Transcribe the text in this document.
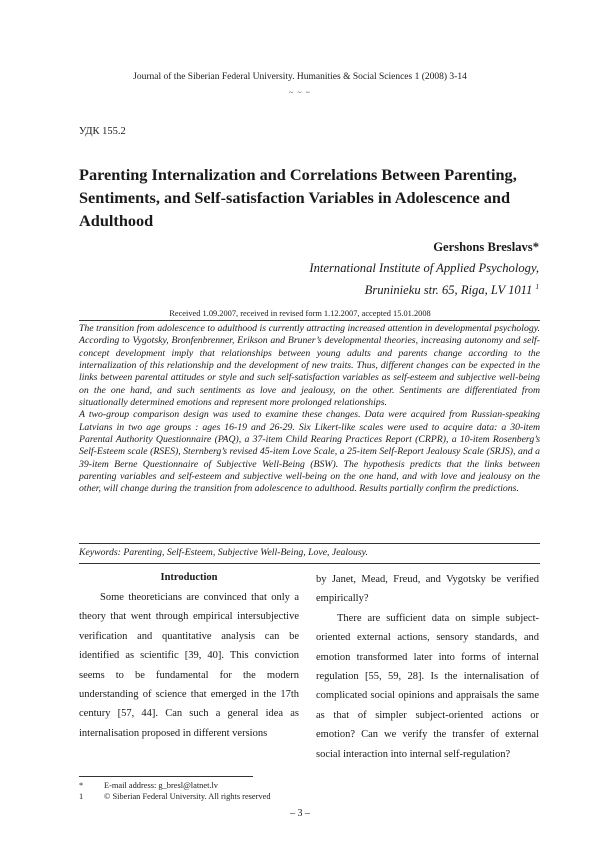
Journal of the Siberian Federal University. Humanities & Social Sciences 1 (2008) 3-14
~ ~ ~
УДК 155.2
Parenting Internalization and Correlations Between Parenting, Sentiments, and Self-satisfaction Variables in Adolescence and Adulthood
Gershons Breslavs*
International Institute of Applied Psychology,
Bruninieku str. 65, Riga, LV 1011 $^1$
Received 1.09.2007, received in revised form 1.12.2007, accepted 15.01.2008

The transition from adolescence to adulthood is currently attracting increased attention in developmental psychology. According to Vygotsky, Bronfenbrenner, Erikson and Bruner’s developmental theories, increasing autonomy and self-concept development imply that relationships between young adults and parents change according to the internalization of this relationship and the development of new traits. Thus, different changes can be expected in the links between parental attitudes or style and such self-satisfaction variables as self-esteem and subjective well-being on the one hand, and such sentiments as love and jealousy, on the other. Sentiments are differentiated from situationally determined emotions and represent more prolonged relationships.

A two-group comparison design was used to examine these changes. Data were acquired from Russian-speaking Latvians in two age groups : ages 16-19 and 26-29. Six Likert-like scales were used to acquire data: a 30-item Parental Authority Questionnaire (PAQ), a 37-item Child Rearing Practices Report (CRPR), a 10-item Rosenberg’s Self-Esteem scale (RSES), Sternberg’s revised 45-item Love Scale, a 25-item Self-Report Jealousy Scale (SRJS), and a 39-item Berne Questionnaire of Subjective Well-Being (BSW). The hypothesis predicts that the links between parenting variables and self-esteem and subjective well-being on the one hand, and with love and jealousy on the other, will change during the transition from adolescence to adulthood. Results partially confirm the predictions.

Keywords: Parenting, Self-Esteem, Subjective Well-Being, Love, Jealousy.

Introduction

Some theoreticians are convinced that only a theory that went through empirical intersubjective verification and quantitative analysis can be identified as scientific [39, 40]. This conviction seems to be fundamental for the modern understanding of science that emerged in the 17th century [57, 44]. Can such a general idea as internalisation proposed in different versions

by Janet, Mead, Freud, and Vygotsky be verified empirically?

There are sufficient data on simple subject-oriented external actions, sensory standards, and emotion transformed later into forms of internal regulation [55, 59, 28]. Is the internalisation of complicated social opinions and appraisals the same as that of simpler subject-oriented actions or emotion? Can we verify the transfer of external social interaction into internal self-regulation?

* E-mail address: g_bresl@latnet.lv
1 © Siberian Federal University. All rights reserved
– 3 –
